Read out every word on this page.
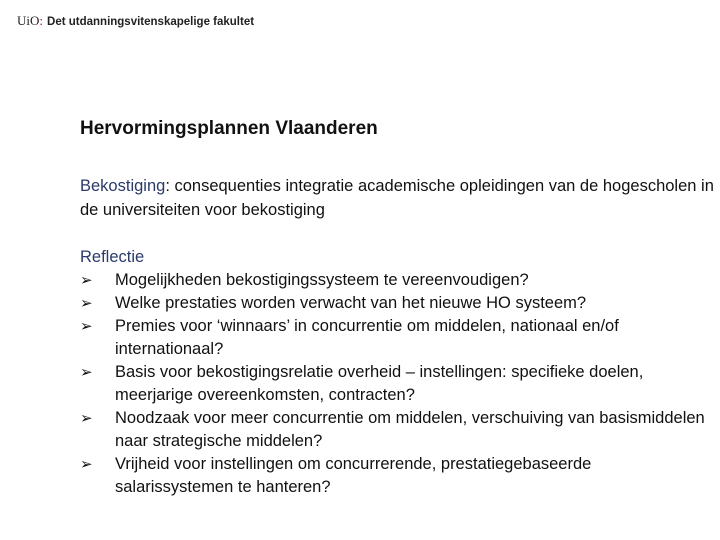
UiO: Det utdanningsvitenskapelige fakultet
Hervormingsplannen Vlaanderen
Bekostiging: consequenties integratie academische opleidingen van de hogescholen in de universiteiten voor bekostiging
Reflectie
➢	Mogelijkheden bekostigingssysteem te vereenvoudigen?
➢	Welke prestaties worden verwacht van het nieuwe HO systeem?
➢	Premies voor ‘winnaars’ in concurrentie om middelen, nationaal en/of internationaal?
➢	Basis voor bekostigingsrelatie overheid – instellingen: specifieke doelen, meerjarige overeenkomsten, contracten?
➢	Noodzaak voor meer concurrentie om middelen, verschuiving van basismiddelen naar strategische middelen?
➢	Vrijheid voor instellingen om concurrerende, prestatiegebaseerde salarissystemen te hanteren?
